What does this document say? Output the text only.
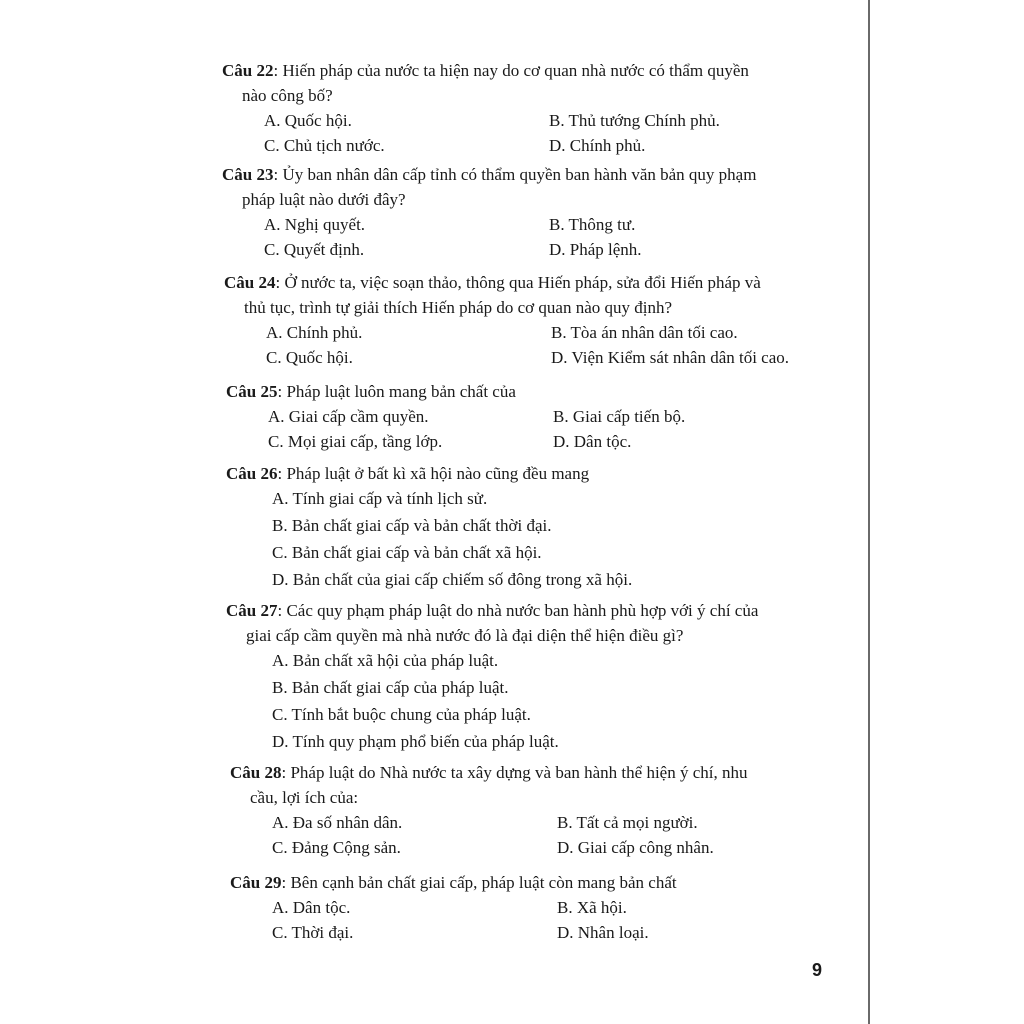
Câu 22: Hiến pháp của nước ta hiện nay do cơ quan nhà nước có thẩm quyền
nào công bố?
A. Quốc hội.	B. Thủ tướng Chính phủ.
C. Chủ tịch nước.	D. Chính phủ.
Câu 23: Ủy ban nhân dân cấp tỉnh có thẩm quyền ban hành văn bản quy phạm
pháp luật nào dưới đây?
A. Nghị quyết.	B. Thông tư.
C. Quyết định.	D. Pháp lệnh.
Câu 24: Ở nước ta, việc soạn thảo, thông qua Hiến pháp, sửa đổi Hiến pháp và
thủ tục, trình tự giải thích Hiến pháp do cơ quan nào quy định?
A. Chính phủ.	B. Tòa án nhân dân tối cao.
C. Quốc hội.	D. Viện Kiểm sát nhân dân tối cao.
Câu 25: Pháp luật luôn mang bản chất của
A. Giai cấp cầm quyền.	B. Giai cấp tiến bộ.
C. Mọi giai cấp, tầng lớp.	D. Dân tộc.
Câu 26: Pháp luật ở bất kì xã hội nào cũng đều mang
A. Tính giai cấp và tính lịch sử.
B. Bản chất giai cấp và bản chất thời đại.
C. Bản chất giai cấp và bản chất xã hội.
D. Bản chất của giai cấp chiếm số đông trong xã hội.
Câu 27: Các quy phạm pháp luật do nhà nước ban hành phù hợp với ý chí của
giai cấp cầm quyền mà nhà nước đó là đại diện thể hiện điều gì?
A. Bản chất xã hội của pháp luật.
B. Bản chất giai cấp của pháp luật.
C. Tính bắt buộc chung của pháp luật.
D. Tính quy phạm phổ biến của pháp luật.
Câu 28: Pháp luật do Nhà nước ta xây dựng và ban hành thể hiện ý chí, nhu
cầu, lợi ích của:
A. Đa số nhân dân.	B. Tất cả mọi người.
C. Đảng Cộng sản.	D. Giai cấp công nhân.
Câu 29: Bên cạnh bản chất giai cấp, pháp luật còn mang bản chất
A. Dân tộc.	B. Xã hội.
C. Thời đại.	D. Nhân loại.
9
